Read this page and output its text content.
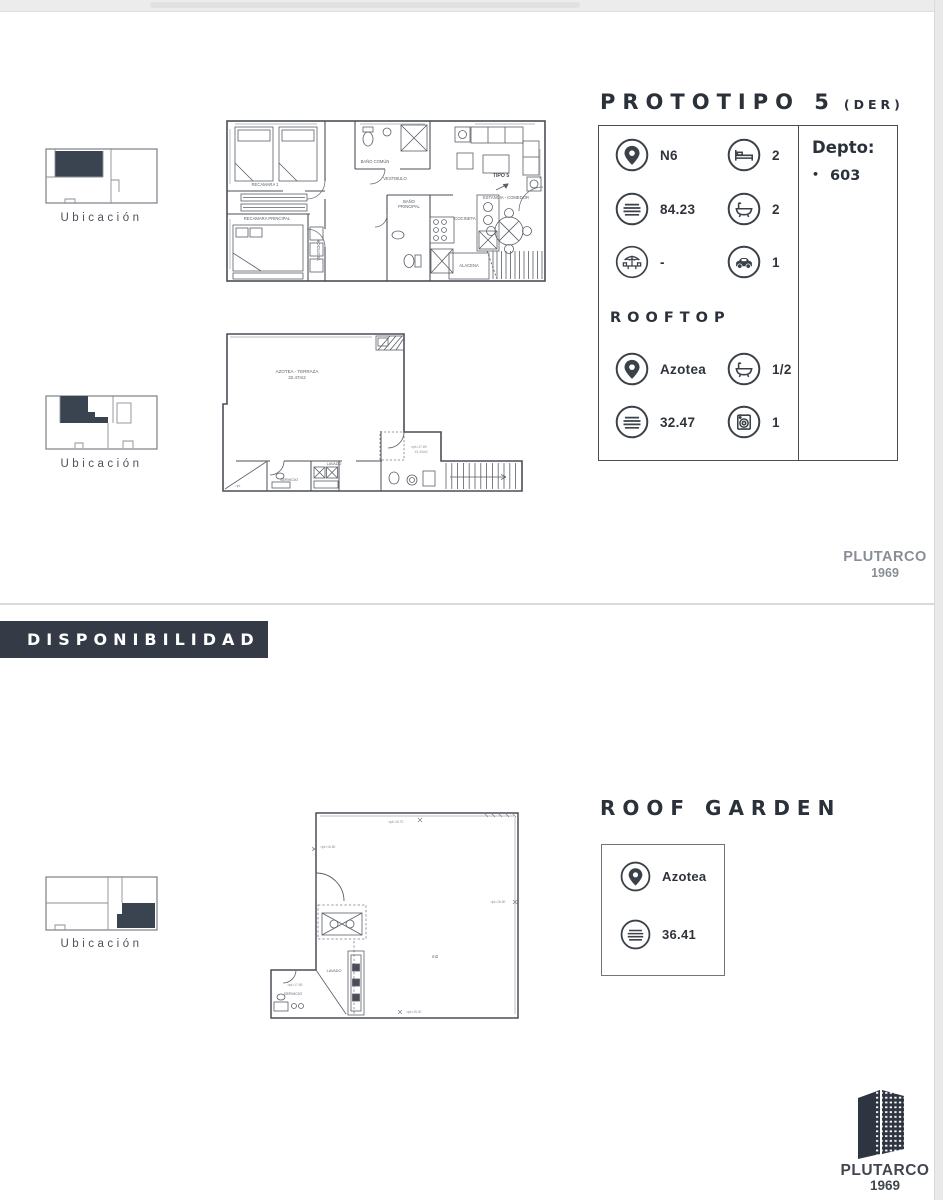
Ubicación
RECAMARA 1
RECAMARA PRINCIPAL
BAÑO COMÚN
VESTIBULO
BAÑO
PRINCIPAL
COCINETA
ESTANCIA - COMEDOR
ALACENA
VESTIDOR
TIPO 5
PROTOTIPO 5 (DER)
N6	2
84.23	2
-	1
ROOFTOP
Azotea	1/2
32.47	1
Depto:
• 603
AZOTEA - TERRAZA
32.47m2
SERVICIO
LAVADO
npt=17.89
13.43m2
npt
Ubicación
PLUTARCO
1969
DISPONIBILIDAD
Ubicación
LAVADO
SERVICIO
m2
npt=15.70
npt=16.80
npt=16.50
npt=15.40
npt=17.89
ROOF GARDEN
Azotea
36.41
PLUTARCO
1969
